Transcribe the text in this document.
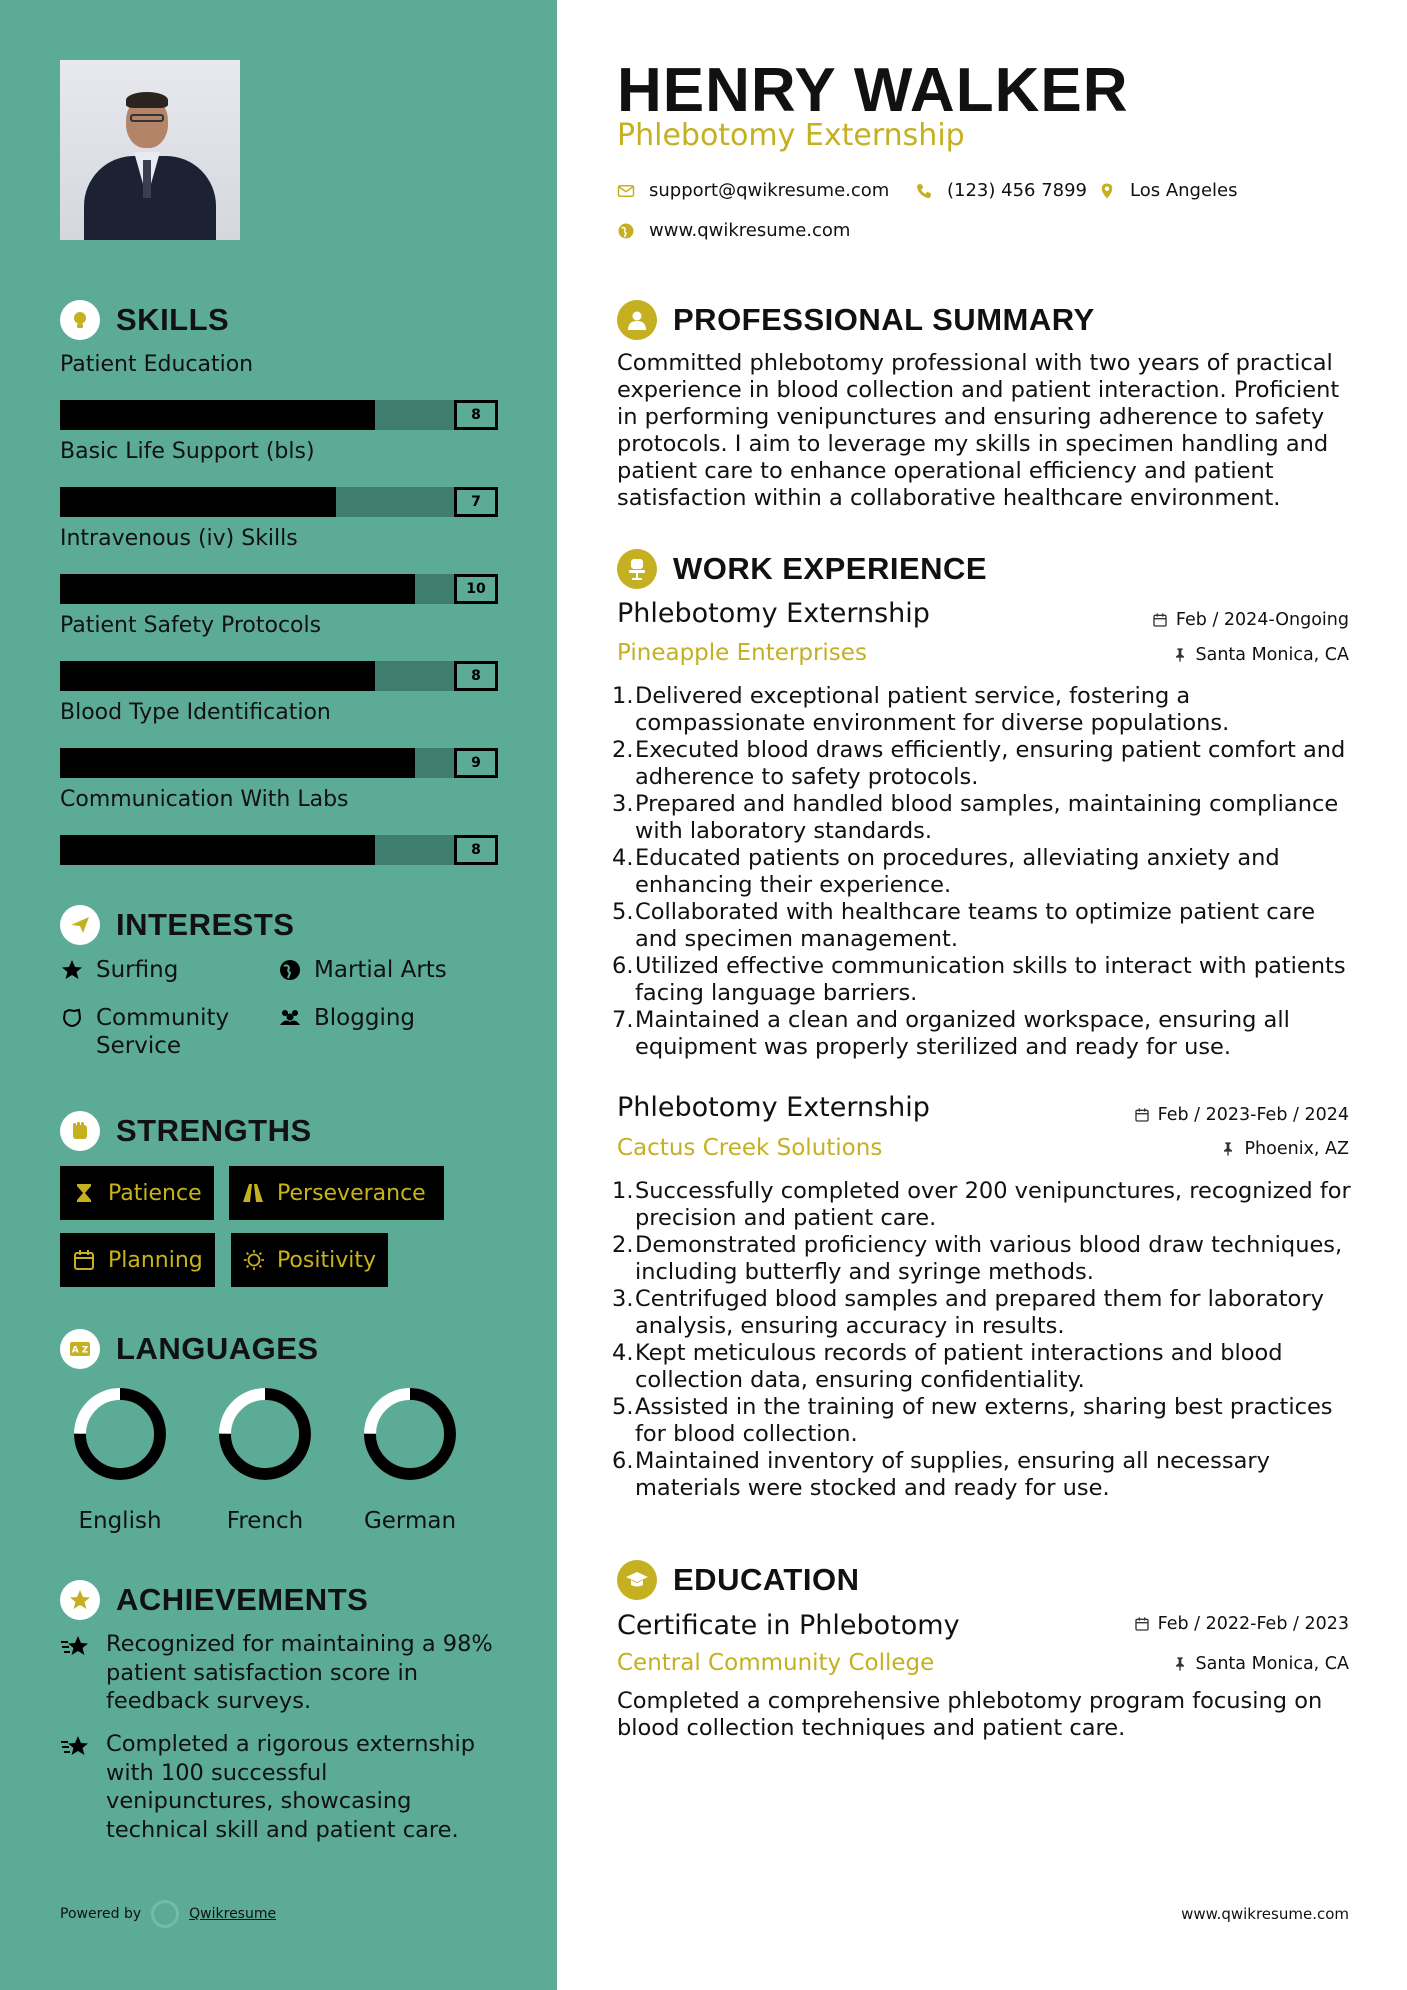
SKILLS
Patient Education
8
Basic Life Support (bls)
7
Intravenous (iv) Skills
10
Patient Safety Protocols
8
Blood Type Identification
9
Communication With Labs
8
INTERESTS
Surfing	Martial Arts
Community Service
Blogging
STRENGTHS
Patience	Perseverance
Planning	Positivity
A Z LANGUAGES
English	French	German
ACHIEVEMENTS
Recognized for maintaining a 98% patient satisfaction score in feedback surveys.
Completed a rigorous externship with 100 successful venipunctures, showcasing technical skill and patient care.
Powered by	Qwikresume
HENRY WALKER
Phlebotomy Externship
support@qwikresume.com	(123) 456 7899 Los Angeles
www.qwikresume.com
PROFESSIONAL SUMMARY
Committed phlebotomy professional with two years of practical experience in blood collection and patient interaction. Proficient in performing venipunctures and ensuring adherence to safety protocols. I aim to leverage my skills in specimen handling and patient care to enhance operational efficiency and patient satisfaction within a collaborative healthcare environment.
WORK EXPERIENCE
Phlebotomy Externship	Feb / 2024-Ongoing
Pineapple Enterprises	Santa Monica, CA
Delivered exceptional patient service, fostering a compassionate environment for diverse populations.
Executed blood draws efficiently, ensuring patient comfort and adherence to safety protocols.
Prepared and handled blood samples, maintaining compliance with laboratory standards.
Educated patients on procedures, alleviating anxiety and enhancing their experience.
Collaborated with healthcare teams to optimize patient care and specimen management.
Utilized effective communication skills to interact with patients facing language barriers.
Maintained a clean and organized workspace, ensuring all equipment was properly sterilized and ready for use.
Phlebotomy Externship	Feb / 2023-Feb / 2024
Cactus Creek Solutions	Phoenix, AZ
Successfully completed over 200 venipunctures, recognized for precision and patient care.
Demonstrated proficiency with various blood draw techniques, including butterfly and syringe methods.
Centrifuged blood samples and prepared them for laboratory analysis, ensuring accuracy in results.
Kept meticulous records of patient interactions and blood collection data, ensuring confidentiality.
Assisted in the training of new externs, sharing best practices for blood collection.
Maintained inventory of supplies, ensuring all necessary materials were stocked and ready for use.
EDUCATION
Certificate in Phlebotomy	Feb / 2022-Feb / 2023
Central Community College	Santa Monica, CA
Completed a comprehensive phlebotomy program focusing on blood collection techniques and patient care.
www.qwikresume.com
